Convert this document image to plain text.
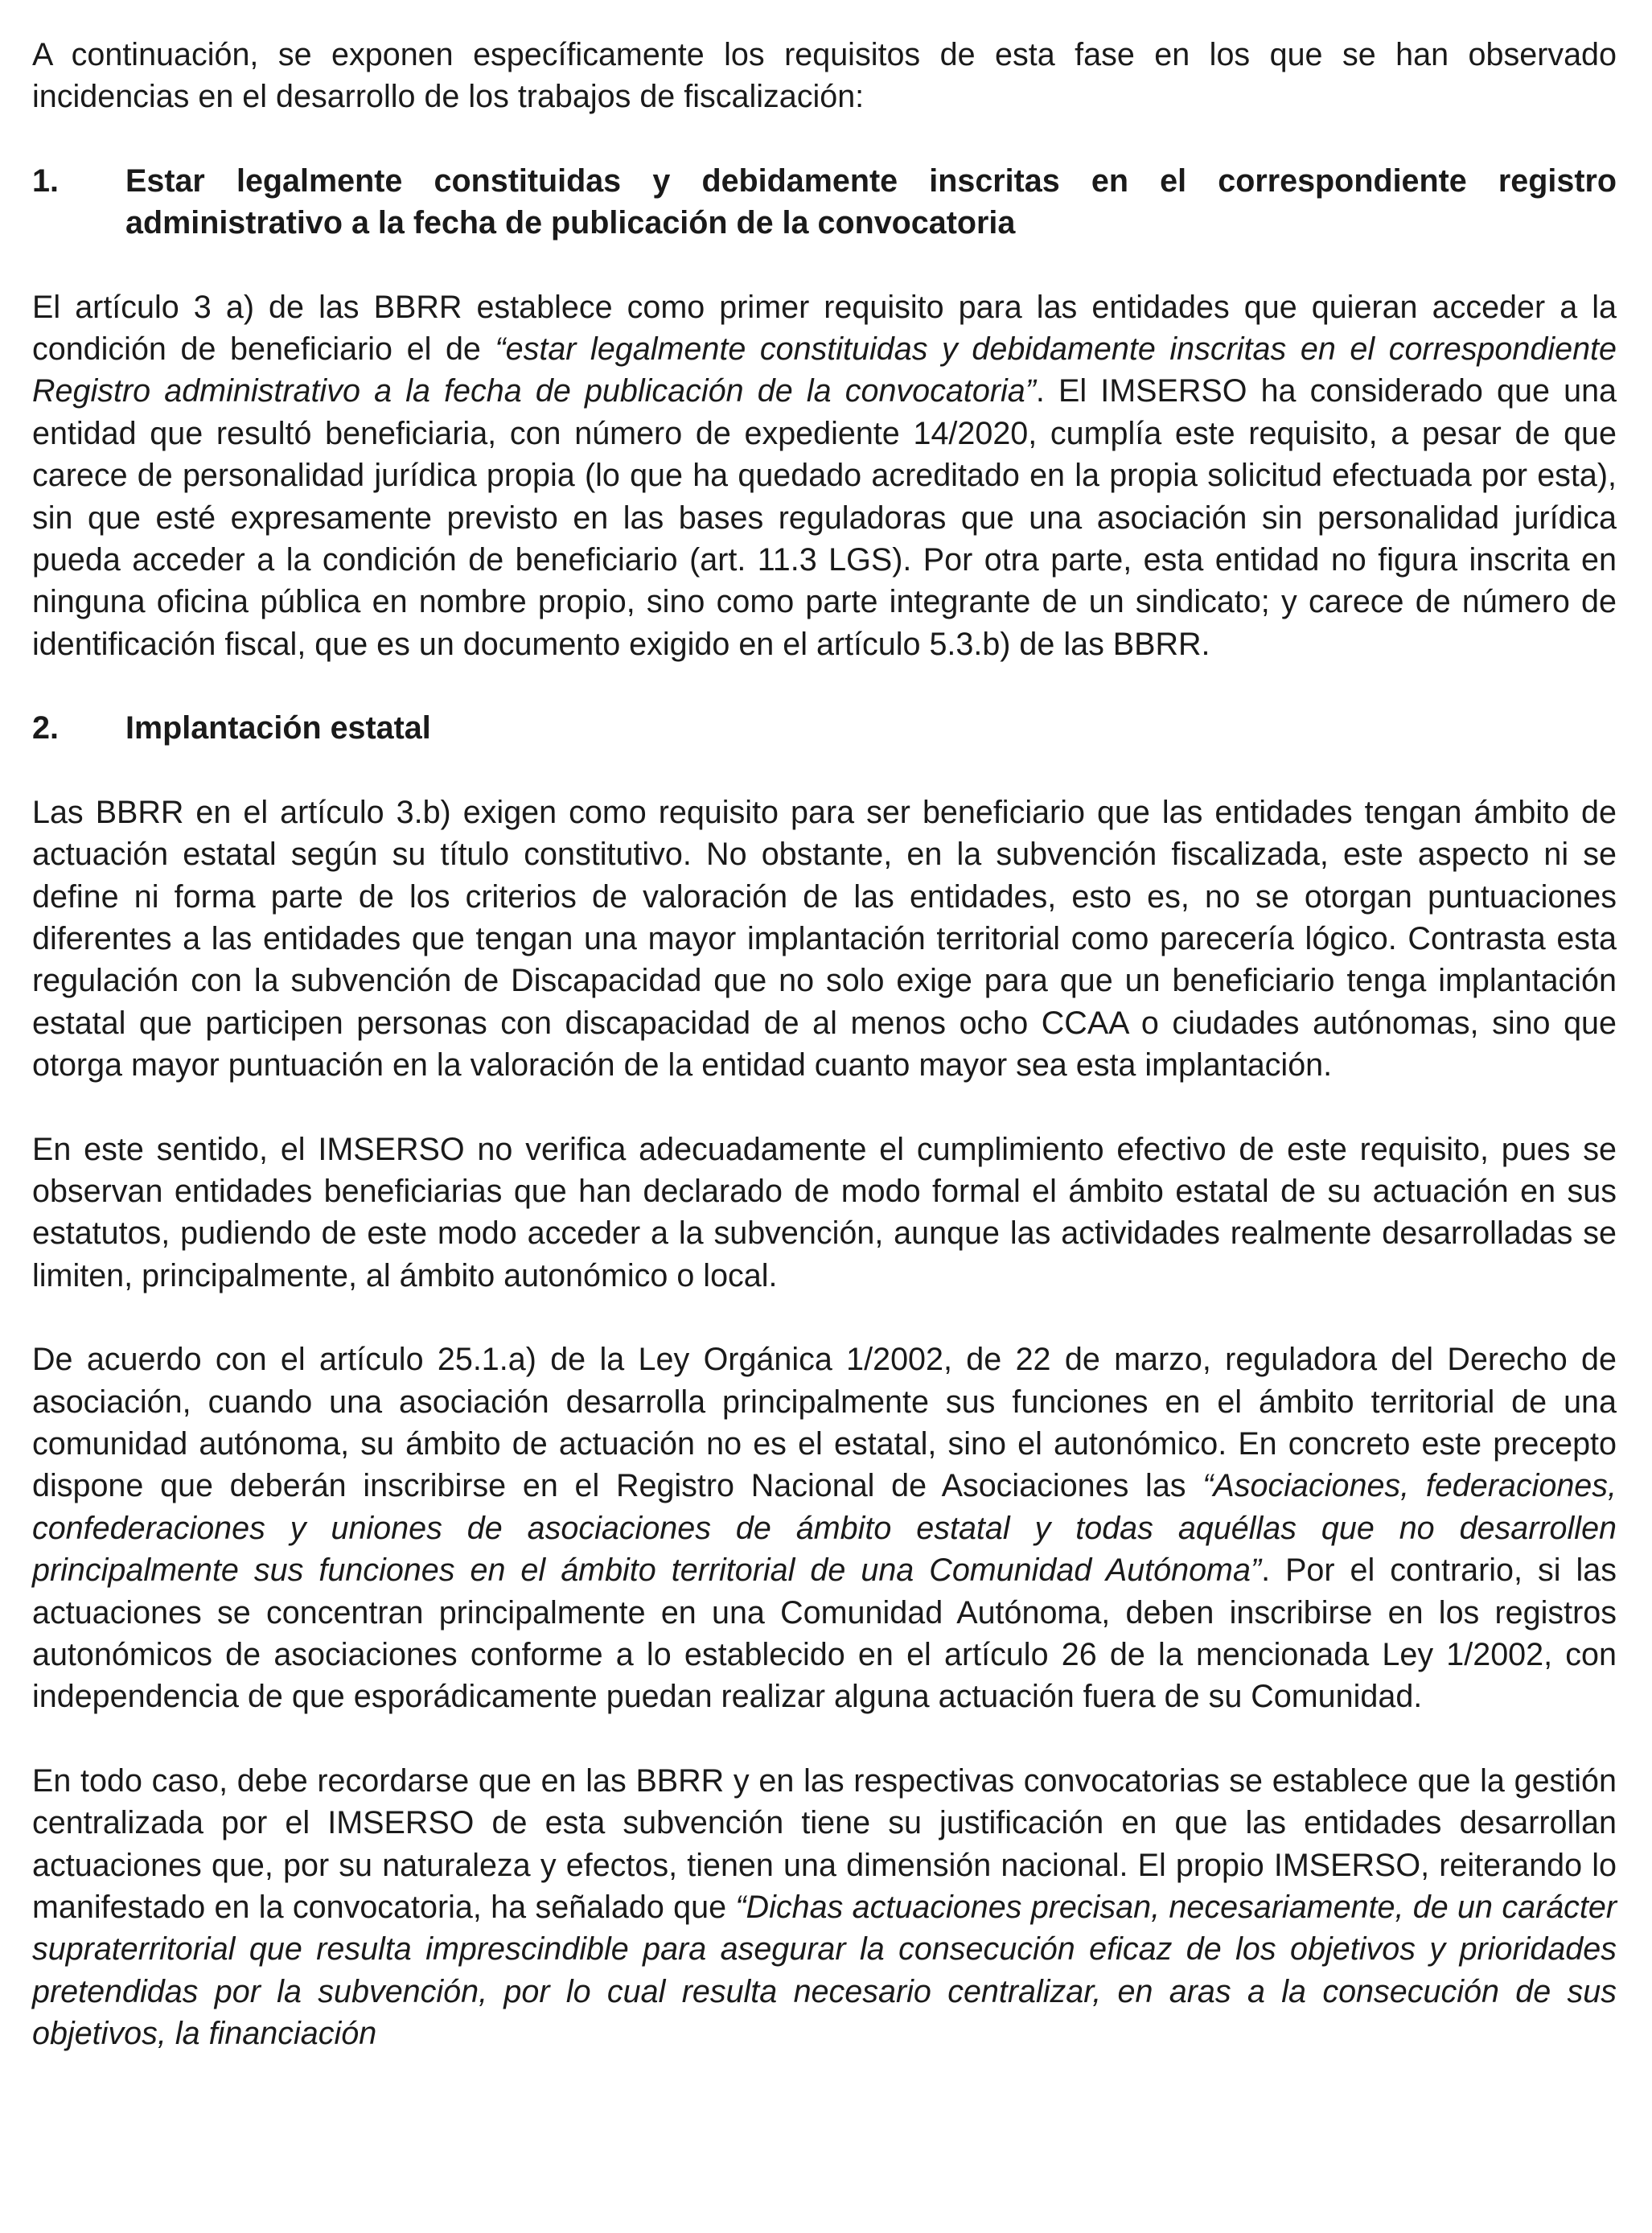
A continuación, se exponen específicamente los requisitos de esta fase en los que se han observado incidencias en el desarrollo de los trabajos de fiscalización:

1.	Estar legalmente constituidas y debidamente inscritas en el correspondiente registro administrativo a la fecha de publicación de la convocatoria

El artículo 3 a) de las BBRR establece como primer requisito para las entidades que quieran acceder a la condición de beneficiario el de “estar legalmente constituidas y debidamente inscritas en el correspondiente Registro administrativo a la fecha de publicación de la convocatoria”. El IMSERSO ha considerado que una entidad que resultó beneficiaria, con número de expediente 14/2020, cumplía este requisito, a pesar de que carece de personalidad jurídica propia (lo que ha quedado acreditado en la propia solicitud efectuada por esta), sin que esté expresamente previsto en las bases reguladoras que una asociación sin personalidad jurídica pueda acceder a la condición de beneficiario (art. 11.3 LGS). Por otra parte, esta entidad no figura inscrita en ninguna oficina pública en nombre propio, sino como parte integrante de un sindicato; y carece de número de identificación fiscal, que es un documento exigido en el artículo 5.3.b) de las BBRR.

2.	Implantación estatal

Las BBRR en el artículo 3.b) exigen como requisito para ser beneficiario que las entidades tengan ámbito de actuación estatal según su título constitutivo. No obstante, en la subvención fiscalizada, este aspecto ni se define ni forma parte de los criterios de valoración de las entidades, esto es, no se otorgan puntuaciones diferentes a las entidades que tengan una mayor implantación territorial como parecería lógico. Contrasta esta regulación con la subvención de Discapacidad que no solo exige para que un beneficiario tenga implantación estatal que participen personas con discapacidad de al menos ocho CCAA o ciudades autónomas, sino que otorga mayor puntuación en la valoración de la entidad cuanto mayor sea esta implantación.

En este sentido, el IMSERSO no verifica adecuadamente el cumplimiento efectivo de este requisito, pues se observan entidades beneficiarias que han declarado de modo formal el ámbito estatal de su actuación en sus estatutos, pudiendo de este modo acceder a la subvención, aunque las actividades realmente desarrolladas se limiten, principalmente, al ámbito autonómico o local.

De acuerdo con el artículo 25.1.a) de la Ley Orgánica 1/2002, de 22 de marzo, reguladora del Derecho de asociación, cuando una asociación desarrolla principalmente sus funciones en el ámbito territorial de una comunidad autónoma, su ámbito de actuación no es el estatal, sino el autonómico. En concreto este precepto dispone que deberán inscribirse en el Registro Nacional de Asociaciones las “Asociaciones, federaciones, confederaciones y uniones de asociaciones de ámbito estatal y todas aquéllas que no desarrollen principalmente sus funciones en el ámbito territorial de una Comunidad Autónoma”. Por el contrario, si las actuaciones se concentran principalmente en una Comunidad Autónoma, deben inscribirse en los registros autonómicos de asociaciones conforme a lo establecido en el artículo 26 de la mencionada Ley 1/2002, con independencia de que esporádicamente puedan realizar alguna actuación fuera de su Comunidad.

En todo caso, debe recordarse que en las BBRR y en las respectivas convocatorias se establece que la gestión centralizada por el IMSERSO de esta subvención tiene su justificación en que las entidades desarrollan actuaciones que, por su naturaleza y efectos, tienen una dimensión nacional. El propio IMSERSO, reiterando lo manifestado en la convocatoria, ha señalado que “Dichas actuaciones precisan, necesariamente, de un carácter supraterritorial que resulta imprescindible para asegurar la consecución eficaz de los objetivos y prioridades pretendidas por la subvención, por lo cual resulta necesario centralizar, en aras a la consecución de sus objetivos, la financiación
